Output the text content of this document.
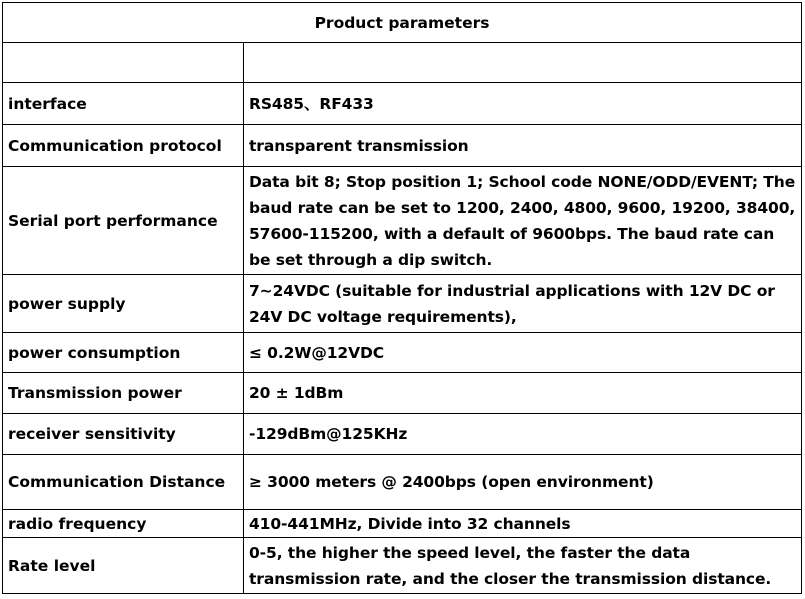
Product parameters	

interface	RS485、RF433
Communication protocol	transparent transmission
Serial port performance	Data bit 8; Stop position 1; School code NONE/ODD/EVENT; The baud rate can be set to 1200, 2400, 4800, 9600, 19200, 38400, 57600-115200, with a default of 9600bps. The baud rate can be set through a dip switch.
power supply	7~24VDC (suitable for industrial applications with 12V DC or 24V DC voltage requirements),
power consumption	≤ 0.2W@12VDC
Transmission power	20 ± 1dBm
receiver sensitivity	-129dBm@125KHz
Communication Distance	≥ 3000 meters @ 2400bps (open environment)
radio frequency	410-441MHz, Divide into 32 channels
Rate level	0-5, the higher the speed level, the faster the data transmission rate, and the closer the transmission distance.
